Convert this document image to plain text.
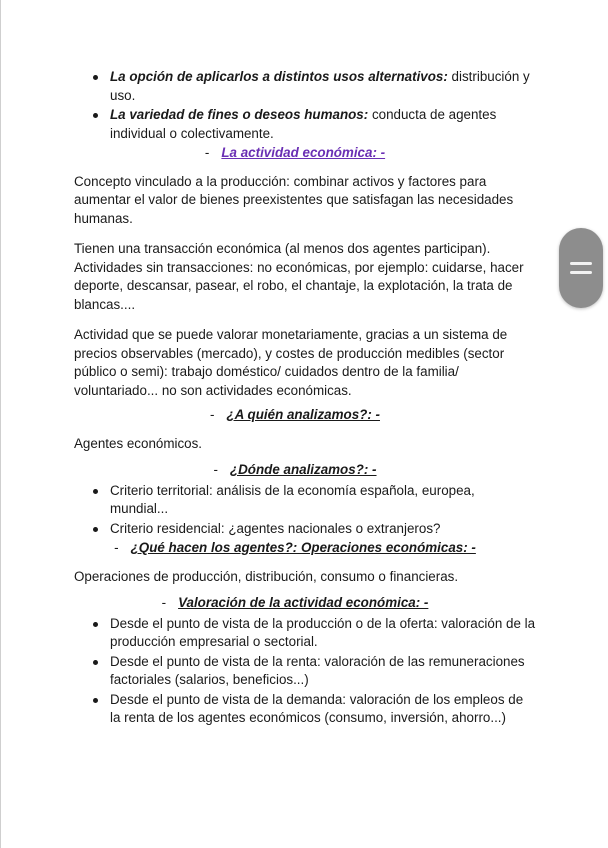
La opción de aplicarlos a distintos usos alternativos: distribución y uso.
La variedad de fines o deseos humanos: conducta de agentes individual o colectivamente.
- La actividad económica: -

Concepto vinculado a la producción: combinar activos y factores para aumentar el valor de bienes preexistentes que satisfagan las necesidades humanas.

Tienen una transacción económica (al menos dos agentes participan). Actividades sin transacciones: no económicas, por ejemplo: cuidarse, hacer deporte, descansar, pasear, el robo, el chantaje, la explotación, la trata de blancas....

Actividad que se puede valorar monetariamente, gracias a un sistema de precios observables (mercado), y costes de producción medibles (sector público o semi): trabajo doméstico/ cuidados dentro de la familia/ voluntariado... no son actividades económicas.

- ¿A quién analizamos?: -

Agentes económicos.

- ¿Dónde analizamos?: -
Criterio territorial: análisis de la economía española, europea, mundial...
Criterio residencial: ¿agentes nacionales o extranjeros?
- ¿Qué hacen los agentes?: Operaciones económicas: -

Operaciones de producción, distribución, consumo o financieras.

- Valoración de la actividad económica: -
Desde el punto de vista de la producción o de la oferta: valoración de la producción empresarial o sectorial.
Desde el punto de vista de la renta: valoración de las remuneraciones factoriales (salarios, beneficios...)
Desde el punto de vista de la demanda: valoración de los empleos de la renta de los agentes económicos (consumo, inversión, ahorro...)
